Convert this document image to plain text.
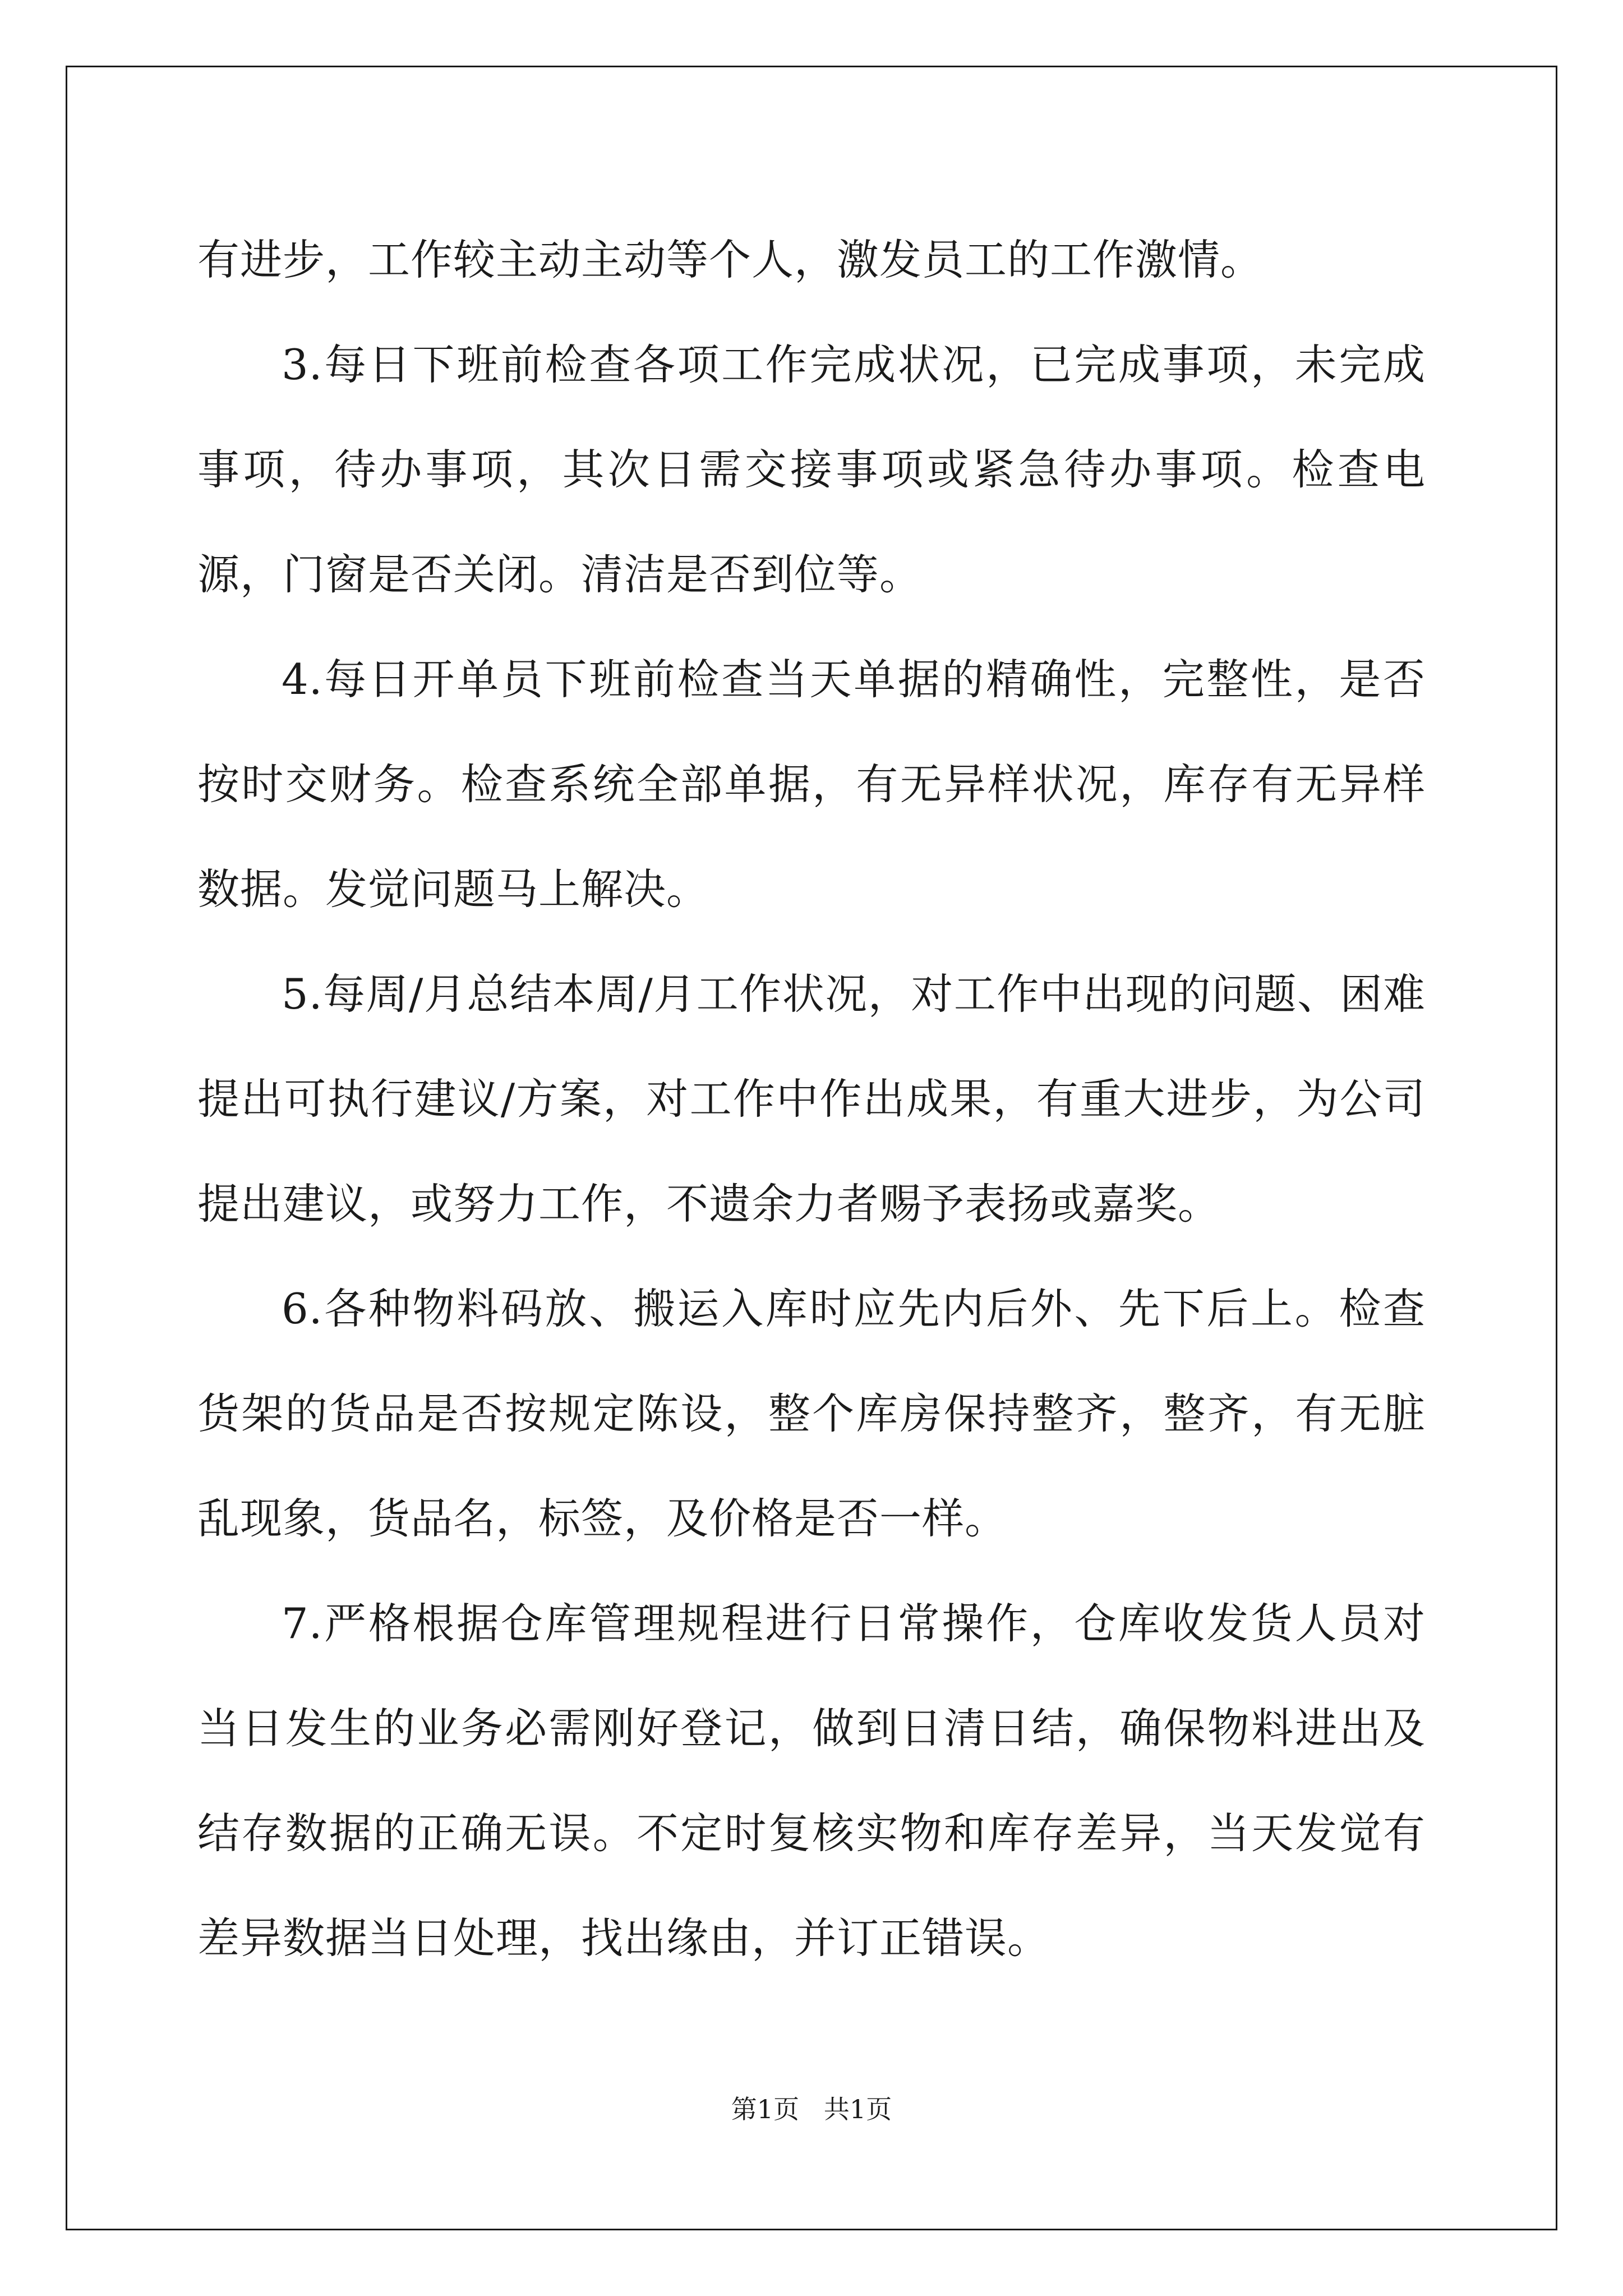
有进步，工作较主动主动等个人，激发员工的工作激情。

3.每日下班前检查各项工作完成状况，已完成事项，未完成事项，待办事项，其次日需交接事项或紧急待办事项。检查电源，门窗是否关闭。清洁是否到位等。

4.每日开单员下班前检查当天单据的精确性，完整性，是否按时交财务。检查系统全部单据，有无异样状况，库存有无异样数据。发觉问题马上解决。

5.每周/月总结本周/月工作状况，对工作中出现的问题、困难提出可执行建议/方案，对工作中作出成果，有重大进步，为公司提出建议，或努力工作，不遗余力者赐予表扬或嘉奖。

6.各种物料码放、搬运入库时应先内后外、先下后上。检查货架的货品是否按规定陈设，整个库房保持整齐，整齐，有无脏乱现象，货品名，标签，及价格是否一样。

7.严格根据仓库管理规程进行日常操作，仓库收发货人员对当日发生的业务必需刚好登记，做到日清日结，确保物料进出及结存数据的正确无误。不定时复核实物和库存差异，当天发觉有差异数据当日处理，找出缘由，并订正错误。

第1页   共1页
